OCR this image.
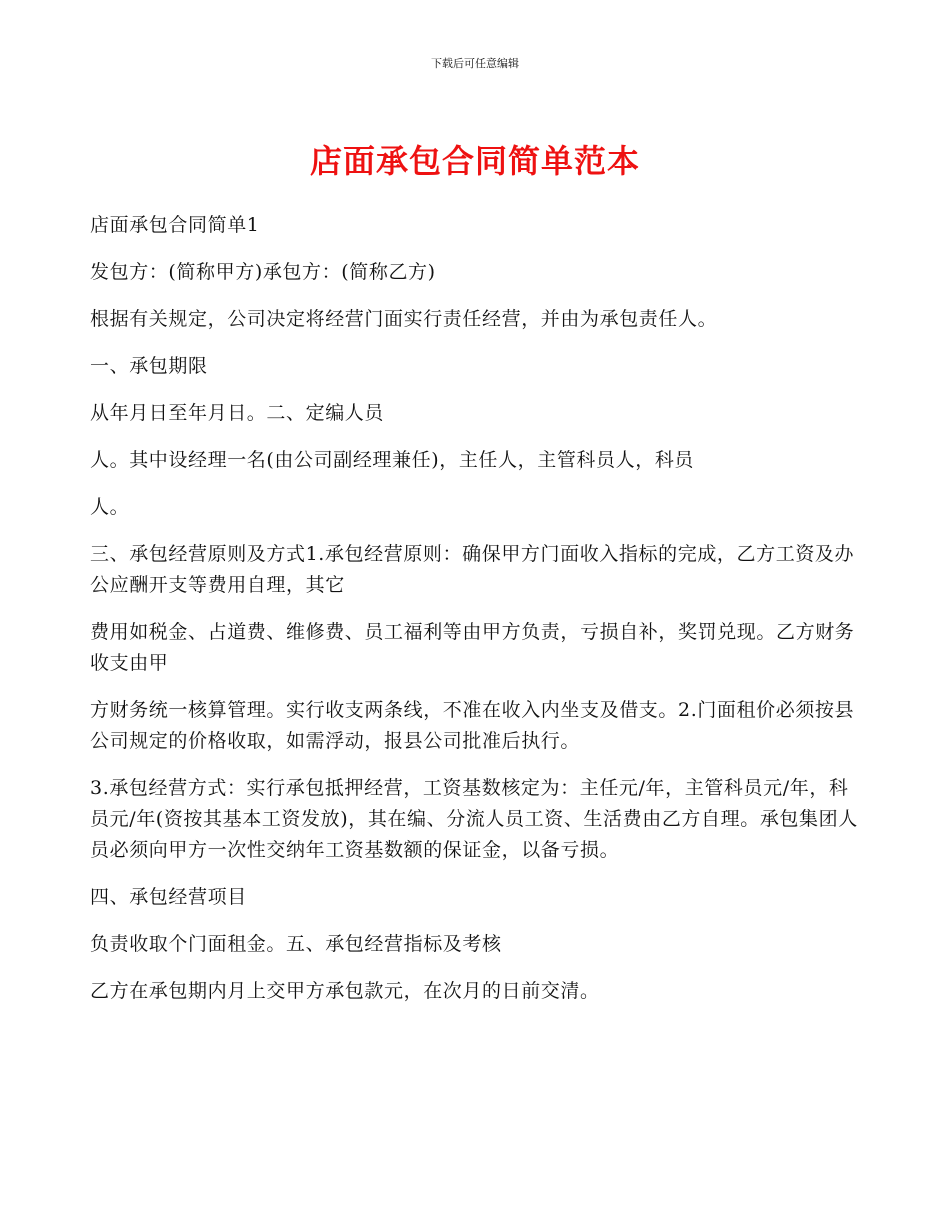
下载后可任意编辑
店面承包合同简单范本

店面承包合同简单1

发包方：(简称甲方)承包方：(简称乙方)

根据有关规定，公司决定将经营门面实行责任经营，并由为承包责任人。

一、承包期限

从年月日至年月日。二、定编人员

人。其中设经理一名(由公司副经理兼任)，主任人，主管科员人，科员

人。

三、承包经营原则及方式1.承包经营原则：确保甲方门面收入指标的完成，乙方工资及办公应酬开支等费用自理，其它

费用如税金、占道费、维修费、员工福利等由甲方负责，亏损自补，奖罚兑现。乙方财务收支由甲

方财务统一核算管理。实行收支两条线，不准在收入内坐支及借支。2.门面租价必须按县公司规定的价格收取，如需浮动，报县公司批准后执行。

3.承包经营方式：实行承包抵押经营，工资基数核定为：主任元/年，主管科员元/年，科员元/年(资按其基本工资发放)，其在编、分流人员工资、生活费由乙方自理。承包集团人员必须向甲方一次性交纳年工资基数额的保证金，以备亏损。

四、承包经营项目

负责收取个门面租金。五、承包经营指标及考核

乙方在承包期内月上交甲方承包款元，在次月的日前交清。
